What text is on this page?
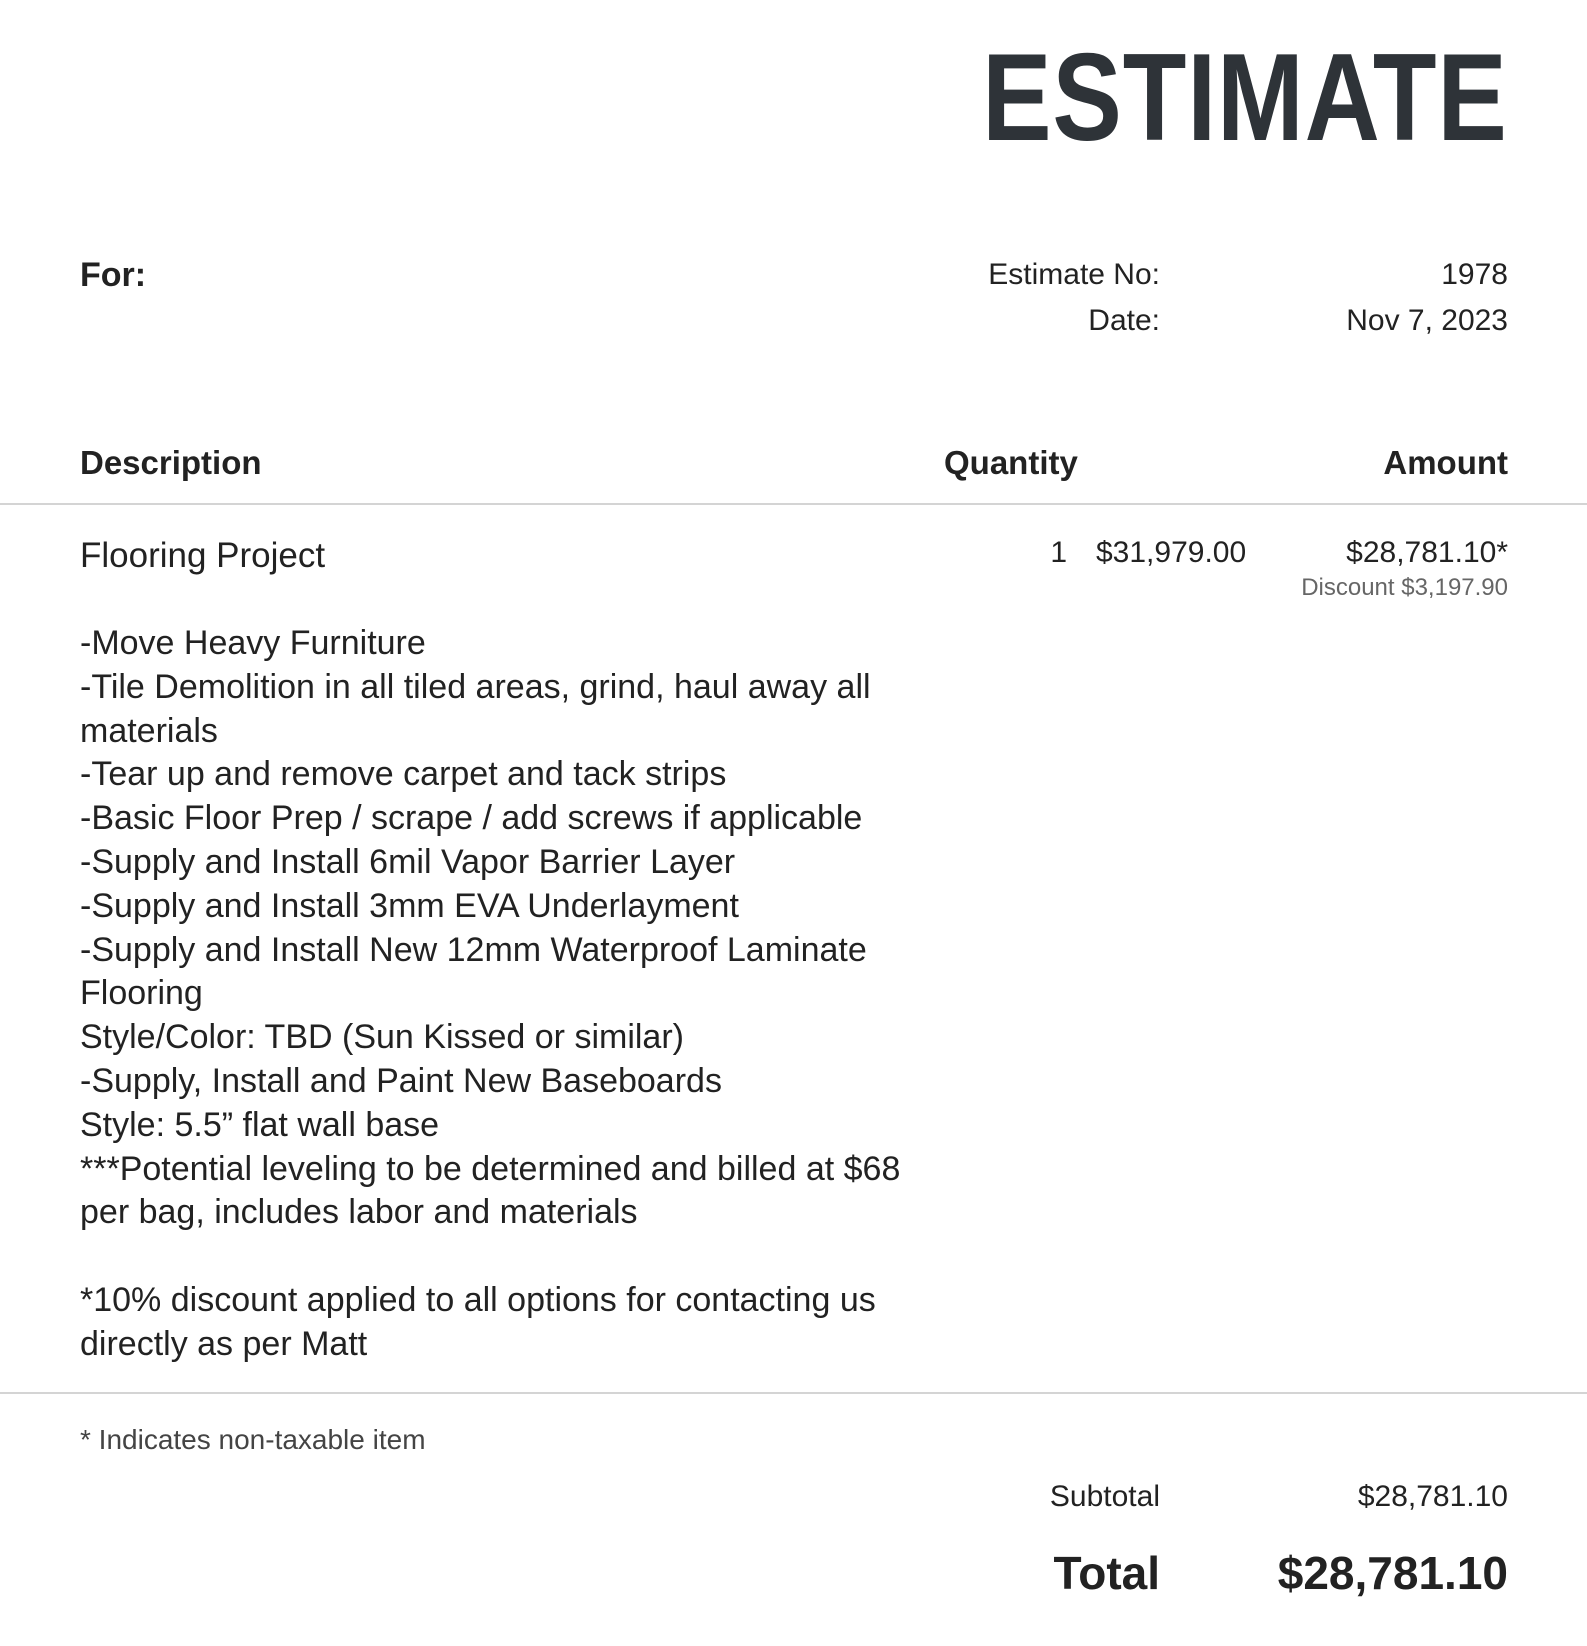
ESTIMATE
For:	Estimate No:	1978
Date:	Nov 7, 2023
Description	Quantity	Amount
Flooring Project	1 $31,979.00	$28,781.10*
Discount $3,197.90
-Move Heavy Furniture
-Tile Demolition in all tiled areas, grind, haul away all
materials
-Tear up and remove carpet and tack strips
-Basic Floor Prep / scrape / add screws if applicable
-Supply and Install 6mil Vapor Barrier Layer
-Supply and Install 3mm EVA Underlayment
-Supply and Install New 12mm Waterproof Laminate
Flooring
Style/Color: TBD (Sun Kissed or similar)
-Supply, Install and Paint New Baseboards
Style: 5.5” flat wall base
***Potential leveling to be determined and billed at $68
per bag, includes labor and materials
*10% discount applied to all options for contacting us
directly as per Matt
* Indicates non-taxable item
Subtotal	$28,781.10
Total	$28,781.10
